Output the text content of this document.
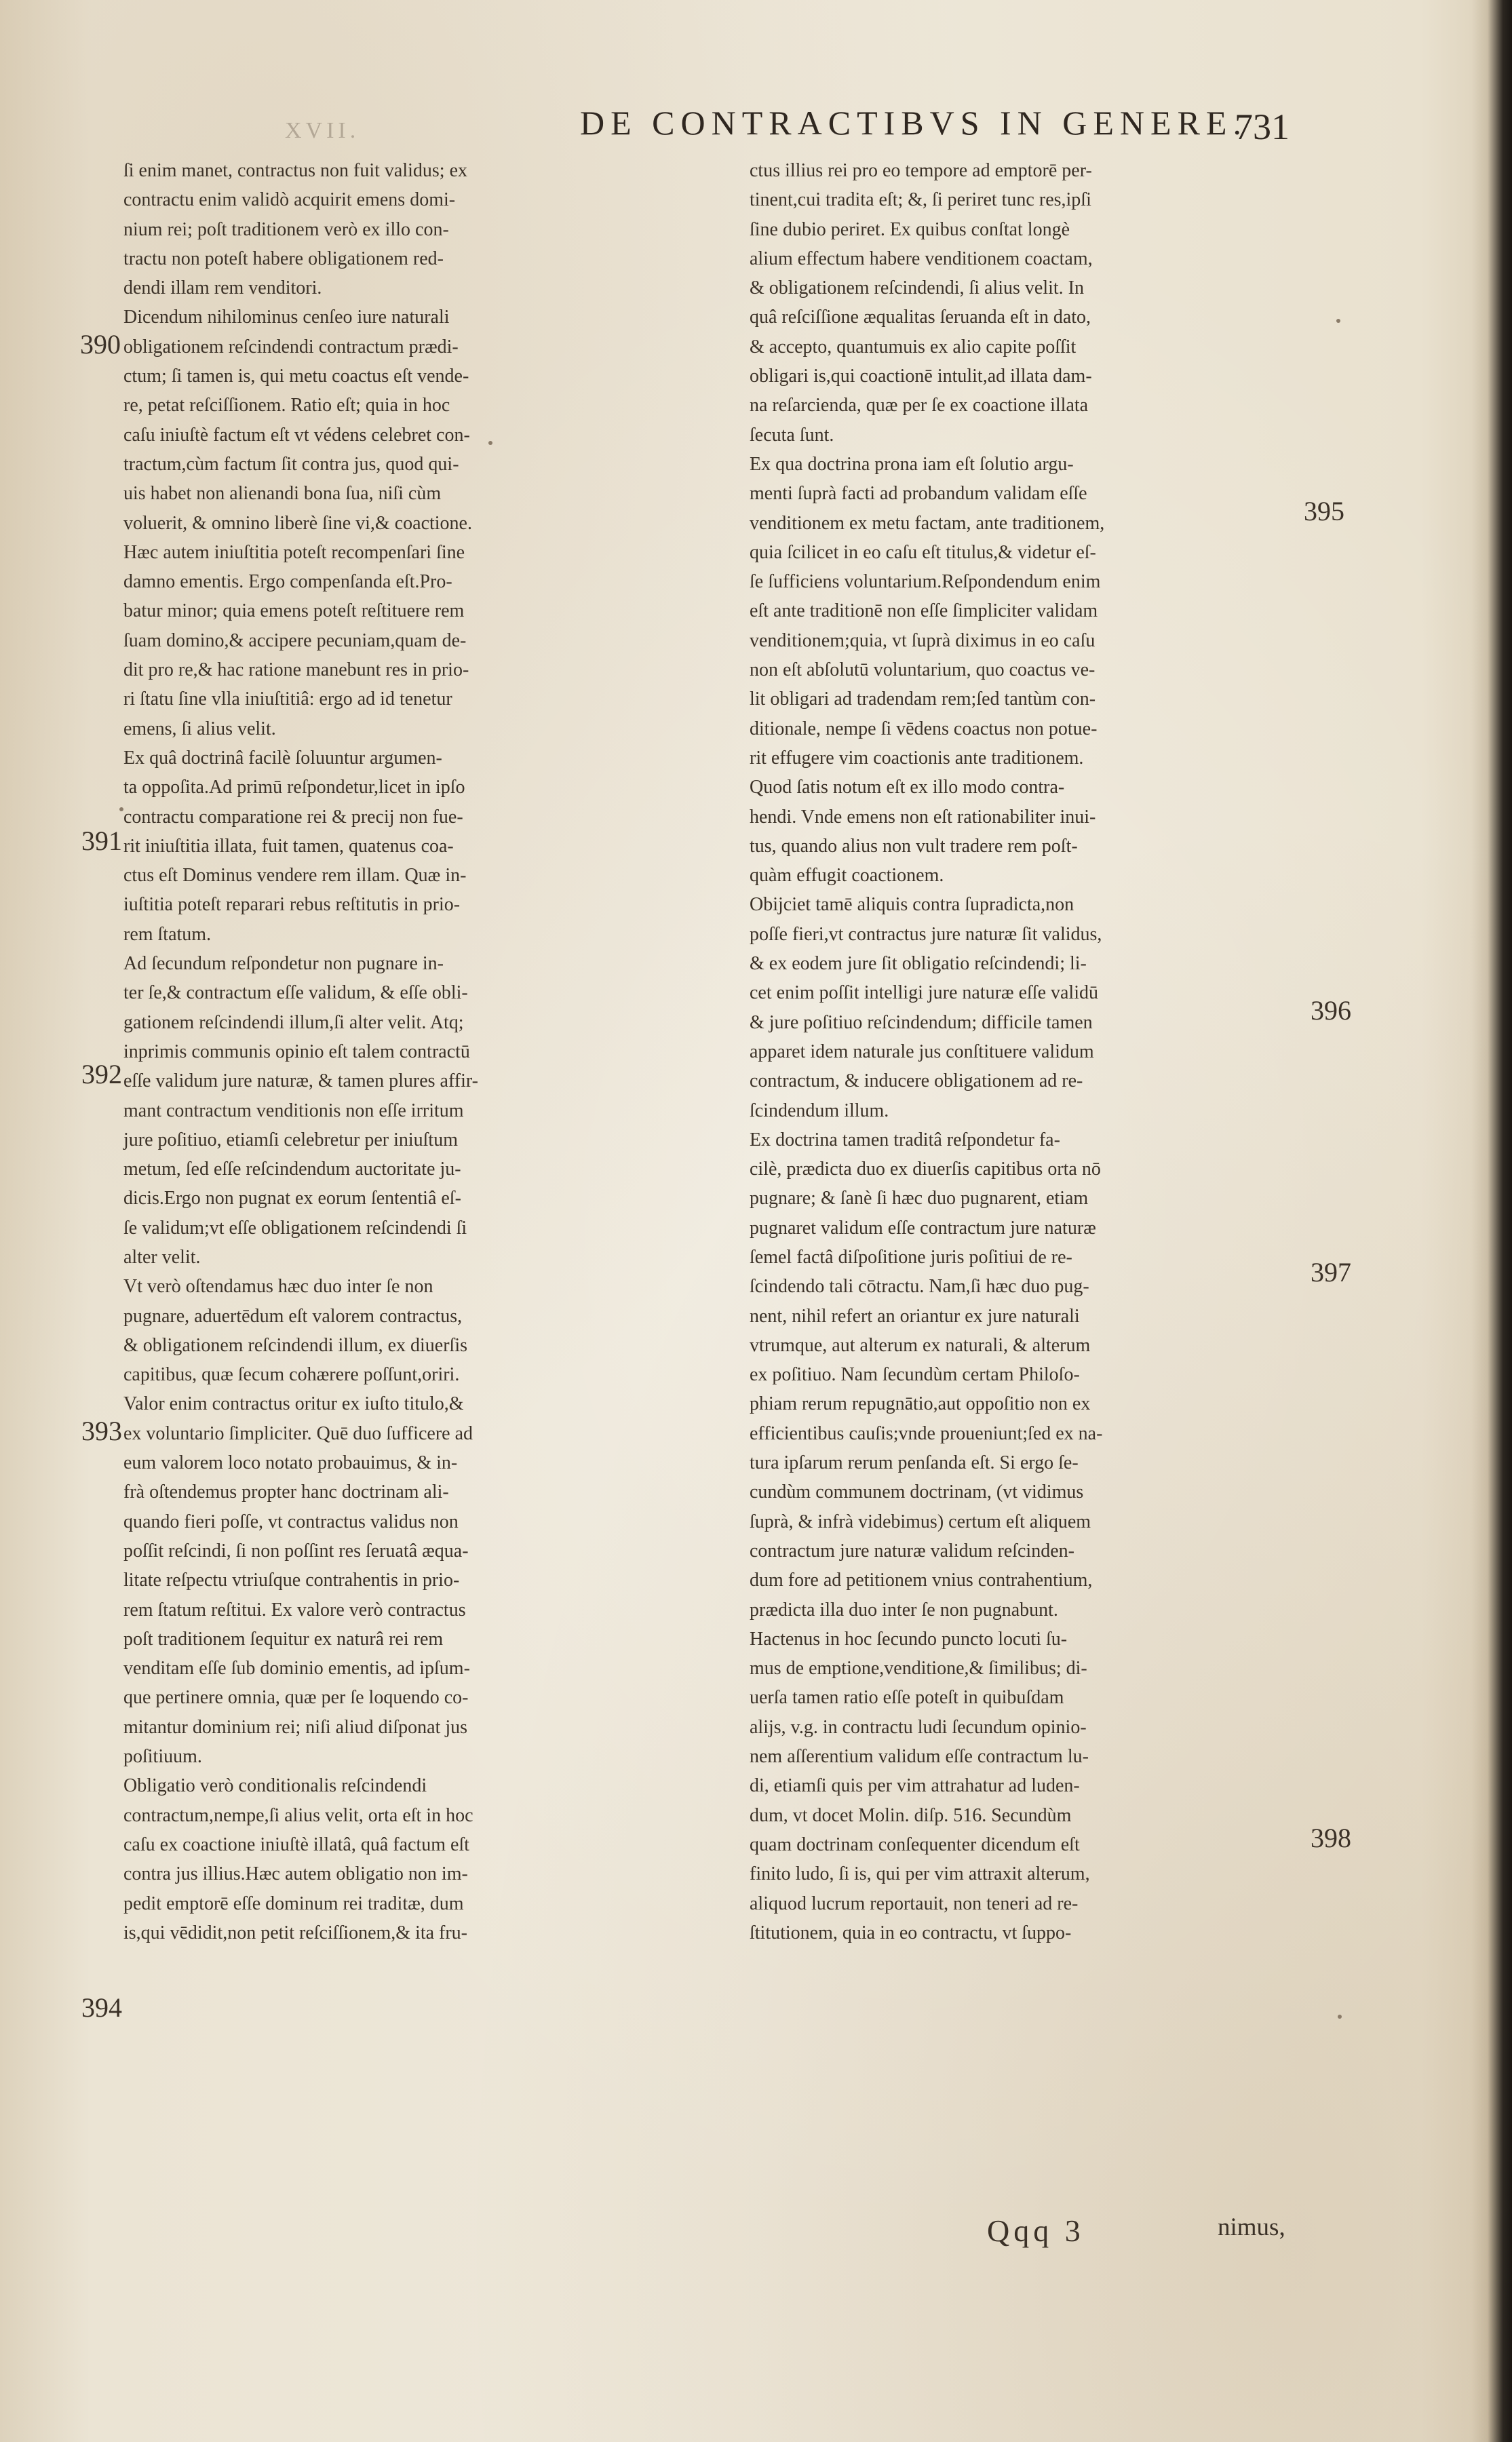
XVII.	DE CONTRACTIBVS IN GENERE.
731
ſi enim manet, contractus non fuit validus; ex
contractu enim validò acquirit emens domi-
nium rei; poſt traditionem verò ex illo con-
tractu non poteſt habere obligationem red-
dendi illam rem venditori.
Dicendum nihilominus cenſeo iure naturali
obligationem reſcindendi contractum prædi-
ctum; ſi tamen is, qui metu coactus eſt vende-
re, petat reſciſſionem. Ratio eſt; quia in hoc
caſu iniuſtè factum eſt vt védens celebret con-
tractum,cùm factum ſit contra jus, quod qui-
uis habet non alienandi bona ſua, niſi cùm
voluerit, & omnino liberè ſine vi,& coactione.
Hæc autem iniuſtitia poteſt recompenſari ſine
damno ementis. Ergo compenſanda eſt.Pro-
batur minor; quia emens poteſt reſtituere rem
ſuam domino,& accipere pecuniam,quam de-
dit pro re,& hac ratione manebunt res in prio-
ri ſtatu ſine vlla iniuſtitiâ: ergo ad id tenetur
emens, ſi alius velit.
Ex quâ doctrinâ facilè ſoluuntur argumen-
ta oppoſita.Ad primū reſpondetur,licet in ipſo
contractu comparatione rei & precij non fue-
rit iniuſtitia illata, fuit tamen, quatenus coa-
ctus eſt Dominus vendere rem illam. Quæ in-
iuſtitia poteſt reparari rebus reſtitutis in prio-
rem ſtatum.
Ad ſecundum reſpondetur non pugnare in-
ter ſe,& contractum eſſe validum, & eſſe obli-
gationem reſcindendi illum,ſi alter velit. Atq;
inprimis communis opinio eſt talem contractū
eſſe validum jure naturæ, & tamen plures affir-
mant contractum venditionis non eſſe irritum
jure poſitiuo, etiamſi celebretur per iniuſtum
metum, ſed eſſe reſcindendum auctoritate ju-
dicis.Ergo non pugnat ex eorum ſententiâ eſ-
ſe validum;vt eſſe obligationem reſcindendi ſi
alter velit.
Vt verò oſtendamus hæc duo inter ſe non
pugnare, aduertēdum eſt valorem contractus,
& obligationem reſcindendi illum, ex diuerſis
capitibus, quæ ſecum cohærere poſſunt,oriri.
Valor enim contractus oritur ex iuſto titulo,&
ex voluntario ſimpliciter. Quē duo ſufficere ad
eum valorem loco notato probauimus, & in-
frà oſtendemus propter hanc doctrinam ali-
quando fieri poſſe, vt contractus validus non
poſſit reſcindi, ſi non poſſint res ſeruatâ æqua-
litate reſpectu vtriuſque contrahentis in prio-
rem ſtatum reſtitui. Ex valore verò contractus
poſt traditionem ſequitur ex naturâ rei rem
venditam eſſe ſub dominio ementis, ad ipſum-
que pertinere omnia, quæ per ſe loquendo co-
mitantur dominium rei; niſi aliud diſponat jus
poſitiuum.
Obligatio verò conditionalis reſcindendi
contractum,nempe,ſi alius velit, orta eſt in hoc
caſu ex coactione iniuſtè illatâ, quâ factum eſt
contra jus illius.Hæc autem obligatio non im-
pedit emptorē eſſe dominum rei traditæ, dum
is,qui vēdidit,non petit reſciſſionem,& ita fru-
ctus illius rei pro eo tempore ad emptorē per-
tinent,cui tradita eſt; &, ſi periret tunc res,ipſi
ſine dubio periret. Ex quibus conſtat longè
alium effectum habere venditionem coactam,
& obligationem reſcindendi, ſi alius velit. In
quâ reſciſſione æqualitas ſeruanda eſt in dato,
& accepto, quantumuis ex alio capite poſſit
obligari is,qui coactionē intulit,ad illata dam-
na reſarcienda, quæ per ſe ex coactione illata
ſecuta ſunt.
Ex qua doctrina prona iam eſt ſolutio argu-
menti ſuprà facti ad probandum validam eſſe
venditionem ex metu factam, ante traditionem,
quia ſcilicet in eo caſu eſt titulus,& videtur eſ-
ſe ſufficiens voluntarium.Reſpondendum enim
eſt ante traditionē non eſſe ſimpliciter validam
venditionem;quia, vt ſuprà diximus in eo caſu
non eſt abſolutū voluntarium, quo coactus ve-
lit obligari ad tradendam rem;ſed tantùm con-
ditionale, nempe ſi vēdens coactus non potue-
rit effugere vim coactionis ante traditionem.
Quod ſatis notum eſt ex illo modo contra-
hendi. Vnde emens non eſt rationabiliter inui-
tus, quando alius non vult tradere rem poſt-
quàm effugit coactionem.
Obijciet tamē aliquis contra ſupradicta,non
poſſe fieri,vt contractus jure naturæ ſit validus,
& ex eodem jure ſit obligatio reſcindendi; li-
cet enim poſſit intelligi jure naturæ eſſe validū
& jure poſitiuo reſcindendum; difficile tamen
apparet idem naturale jus conſtituere validum
contractum, & inducere obligationem ad re-
ſcindendum illum.
Ex doctrina tamen traditâ reſpondetur fa-
cilè, prædicta duo ex diuerſis capitibus orta nō
pugnare; & ſanè ſi hæc duo pugnarent, etiam
pugnaret validum eſſe contractum jure naturæ
ſemel factâ diſpoſitione juris poſitiui de re-
ſcindendo tali cōtractu. Nam,ſi hæc duo pug-
nent, nihil refert an oriantur ex jure naturali
vtrumque, aut alterum ex naturali, & alterum
ex poſitiuo. Nam ſecundùm certam Philoſo-
phiam rerum repugnātio,aut oppoſitio non ex
efficientibus cauſis;vnde proueniunt;ſed ex na-
tura ipſarum rerum penſanda eſt. Si ergo ſe-
cundùm communem doctrinam, (vt vidimus
ſuprà, & infrà videbimus) certum eſt aliquem
contractum jure naturæ validum reſcinden-
dum fore ad petitionem vnius contrahentium,
prædicta illa duo inter ſe non pugnabunt.
Hactenus in hoc ſecundo puncto locuti ſu-
mus de emptione,venditione,& ſimilibus; di-
uerſa tamen ratio eſſe poteſt in quibuſdam
alijs, v.g. in contractu ludi ſecundum opinio-
nem aſſerentium validum eſſe contractum lu-
di, etiamſi quis per vim attrahatur ad luden-
dum, vt docet Molin. diſp. 516. Secundùm
quam doctrinam conſequenter dicendum eſt
finito ludo, ſi is, qui per vim attraxit alterum,
aliquod lucrum reportauit, non teneri ad re-
ſtitutionem, quia in eo contractu, vt ſuppo-
390
391
392
393
394
395
396
397
398
Qqq 3	nimus,
